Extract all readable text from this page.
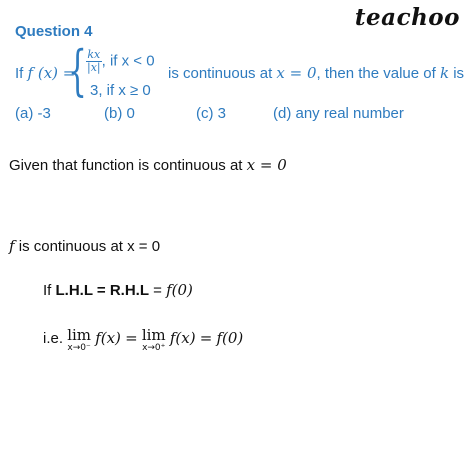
teachoo
Question 4
If f (x) =
{ $\frac{kx}{|x|}$ , if x < 0
3, if x ≥ 0
is continuous at x = 0, then the value of k is
(a) -3	(b) 0	(c) 3	(d) any real number
Given that function is continuous at x = 0
f is continuous at x = 0
If L.H.L = R.H.L = f(0)
i.e. lim
x→0⁻
f(x) = lim
x→0⁺
f(x) = f(0)
